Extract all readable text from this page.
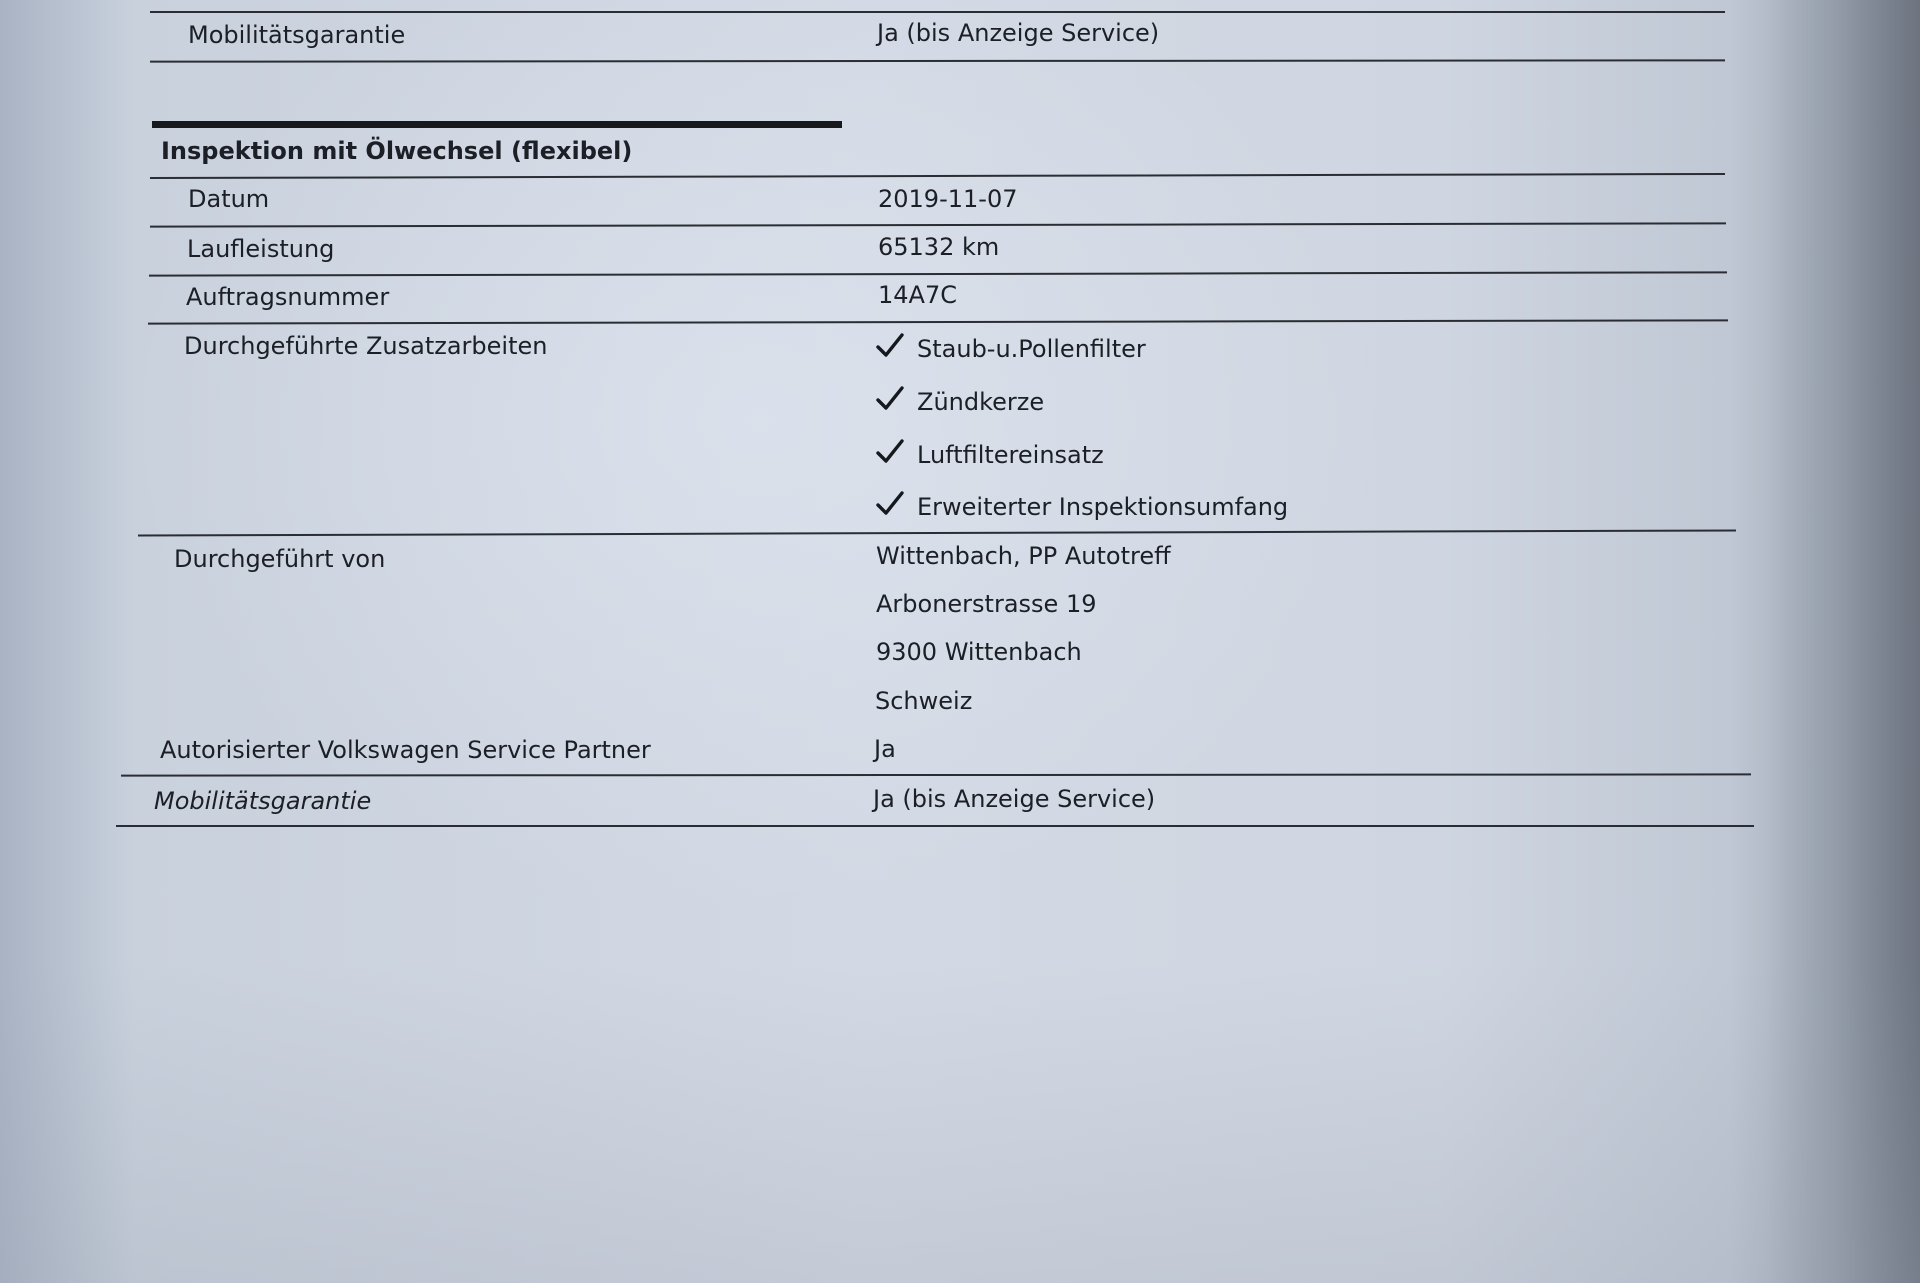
Mobilitätsgarantie	Ja (bis Anzeige Service)
Inspektion mit Ölwechsel (flexibel)
Datum	2019-11-07
Laufleistung	65132 km
Auftragsnummer	14A7C
Durchgeführte Zusatzarbeiten	Staub-u.Pollenfilter
Zündkerze
Luftfiltereinsatz
Erweiterter Inspektionsumfang
Durchgeführt von	Wittenbach, PP Autotreff
Arbonerstrasse 19
9300 Wittenbach
Schweiz
Autorisierter Volkswagen Service Partner	Ja
Mobilitätsgarantie	Ja (bis Anzeige Service)
